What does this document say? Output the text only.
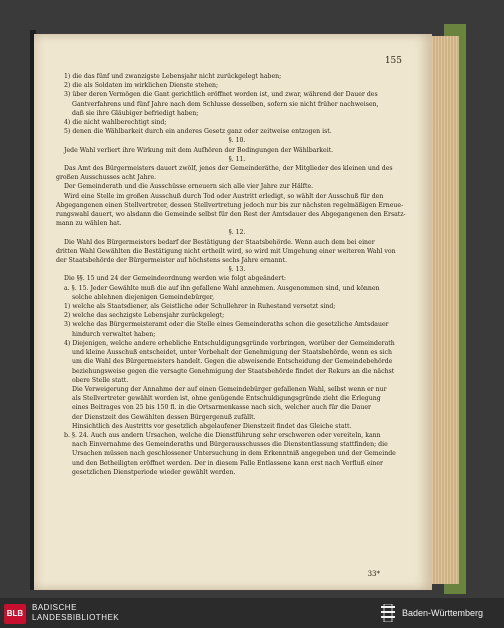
155
1) die das fünf und zwanzigste Lebensjahr nicht zurückgelegt haben;
2) die als Soldaten im wirklichen Dienste stehen;
3) über deren Vermögen die Gant gerichtlich eröffnet worden ist, und zwar, während der Dauer des
Gantverfahrens und fünf Jahre nach dem Schlusse desselben, sofern sie nicht früher nachweisen,
daß sie ihre Gläubiger befriedigt haben;
4) die nicht wahlberechtigt sind;
5) denen die Wählbarkeit durch ein anderes Gesetz ganz oder zeitweise entzogen ist.
§. 10.
Jede Wahl verliert ihre Wirkung mit dem Aufhören der Bedingungen der Wählbarkeit.
§. 11.
Das Amt des Bürgermeisters dauert zwölf, jenes der Gemeinderäthe, der Mitglieder des kleinen und des
großen Ausschusses acht Jahre.
Der Gemeinderath und die Ausschüsse erneuern sich alle vier Jahre zur Hälfte.
Wird eine Stelle im großen Ausschuß durch Tod oder Austritt erledigt, so wählt der Ausschuß für den
Abgegangenen einen Stellvertreter, dessen Stellvertretung jedoch nur bis zur nächsten regelmäßigen Erneue-
rungswahl dauert, wo alsdann die Gemeinde selbst für den Rest der Amtsdauer des Abgegangenen den Ersatz-
mann zu wählen hat.
§. 12.
Die Wahl des Bürgermeisters bedarf der Bestätigung der Staatsbehörde. Wenn auch dem bei einer
dritten Wahl Gewählten die Bestätigung nicht ertheilt wird, so wird mit Umgehung einer weiteren Wahl von
der Staatsbehörde der Bürgermeister auf höchstens sechs Jahre ernannt.
§. 13.
Die §§. 15 und 24 der Gemeindeordnung werden wie folgt abgeändert:
a. §. 15. Jeder Gewählte muß die auf ihn gefallene Wahl annehmen. Ausgenommen sind, und können
solche ablehnen diejenigen Gemeindebürger,
1) welche als Staatsdiener, als Geistliche oder Schullehrer in Ruhestand versetzt sind;
2) welche das sechzigste Lebensjahr zurückgelegt;
3) welche das Bürgermeisteramt oder die Stelle eines Gemeinderaths schon die gesetzliche Amtsdauer
hindurch verwaltet haben;
4) Diejenigen, welche andere erhebliche Entschuldigungsgründe vorbringen, worüber der Gemeinderath
und kleine Ausschuß entscheidet, unter Vorbehalt der Genehmigung der Staatsbehörde, wenn es sich
um die Wahl des Bürgermeisters handelt. Gegen die abweisende Entscheidung der Gemeindebehörde
beziehungsweise gegen die versagte Genehmigung der Staatsbehörde findet der Rekurs an die nächst
obere Stelle statt.
Die Verweigerung der Annahme der auf einen Gemeindebürger gefallenen Wahl, selbst wenn er nur
als Stellvertreter gewählt worden ist, ohne genügende Entschuldigungsgründe zieht die Erlegung
eines Beitrages von 25 bis 150 fl. in die Ortsarmenkasse nach sich, welcher auch für die Dauer
der Dienstzeit des Gewählten dessen Bürgergenuß zufällt.
Hinsichtlich des Austritts vor gesetzlich abgelaufener Dienstzeit findet das Gleiche statt.
b. §. 24. Auch aus andern Ursachen, welche die Dienstführung sehr erschweren oder vereiteln, kann
nach Einvernahme des Gemeinderaths und Bürgerausschusses die Dienstentlassung stattfinden; die
Ursachen müssen nach geschlossener Untersuchung in dem Erkenntniß angegeben und der Gemeinde
und den Betheiligten eröffnet werden. Der in diesem Falle Entlassene kann erst nach Verfluß einer
gesetzlichen Dienstperiode wieder gewählt werden.
33*
BLB
BADISCHE
LANDESBIBLIOTHEK	Baden-Württemberg
